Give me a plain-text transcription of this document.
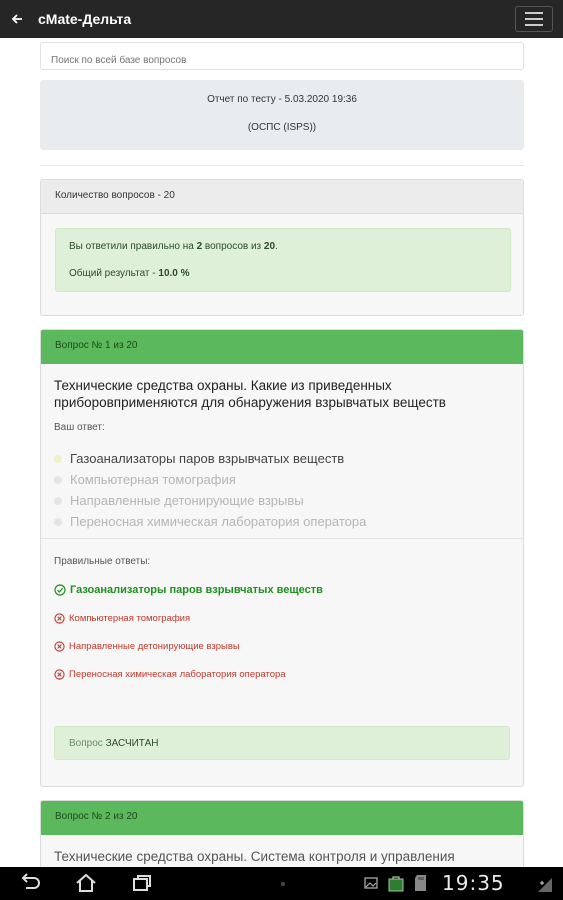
cMate-Дельта
Поиск по всей базе вопросов
Отчет по тесту - 5.03.2020 19:36
(ОСПС (ISPS))
Количество вопросов - 20
Вы ответили правильно на 2 вопросов из 20.
Общий результат - 10.0 %
Вопрос № 1 из 20
Технические средства охраны. Какие из приведенных приборовприменяются для обнаружения взрывчатых веществ
Ваш ответ:
Газоанализаторы паров взрывчатых веществ
Компьютерная томография
Направленные детонирующие взрывы
Переносная химическая лаборатория оператора
Правильные ответы:
Газоанализаторы паров взрывчатых веществ
Компьютерная томография
Направленные детонирующие взрывы
Переносная химическая лаборатория оператора
Вопрос ЗАСЧИТАН
Вопрос № 2 из 20
Технические средства охраны. Система контроля и управления
19:35
